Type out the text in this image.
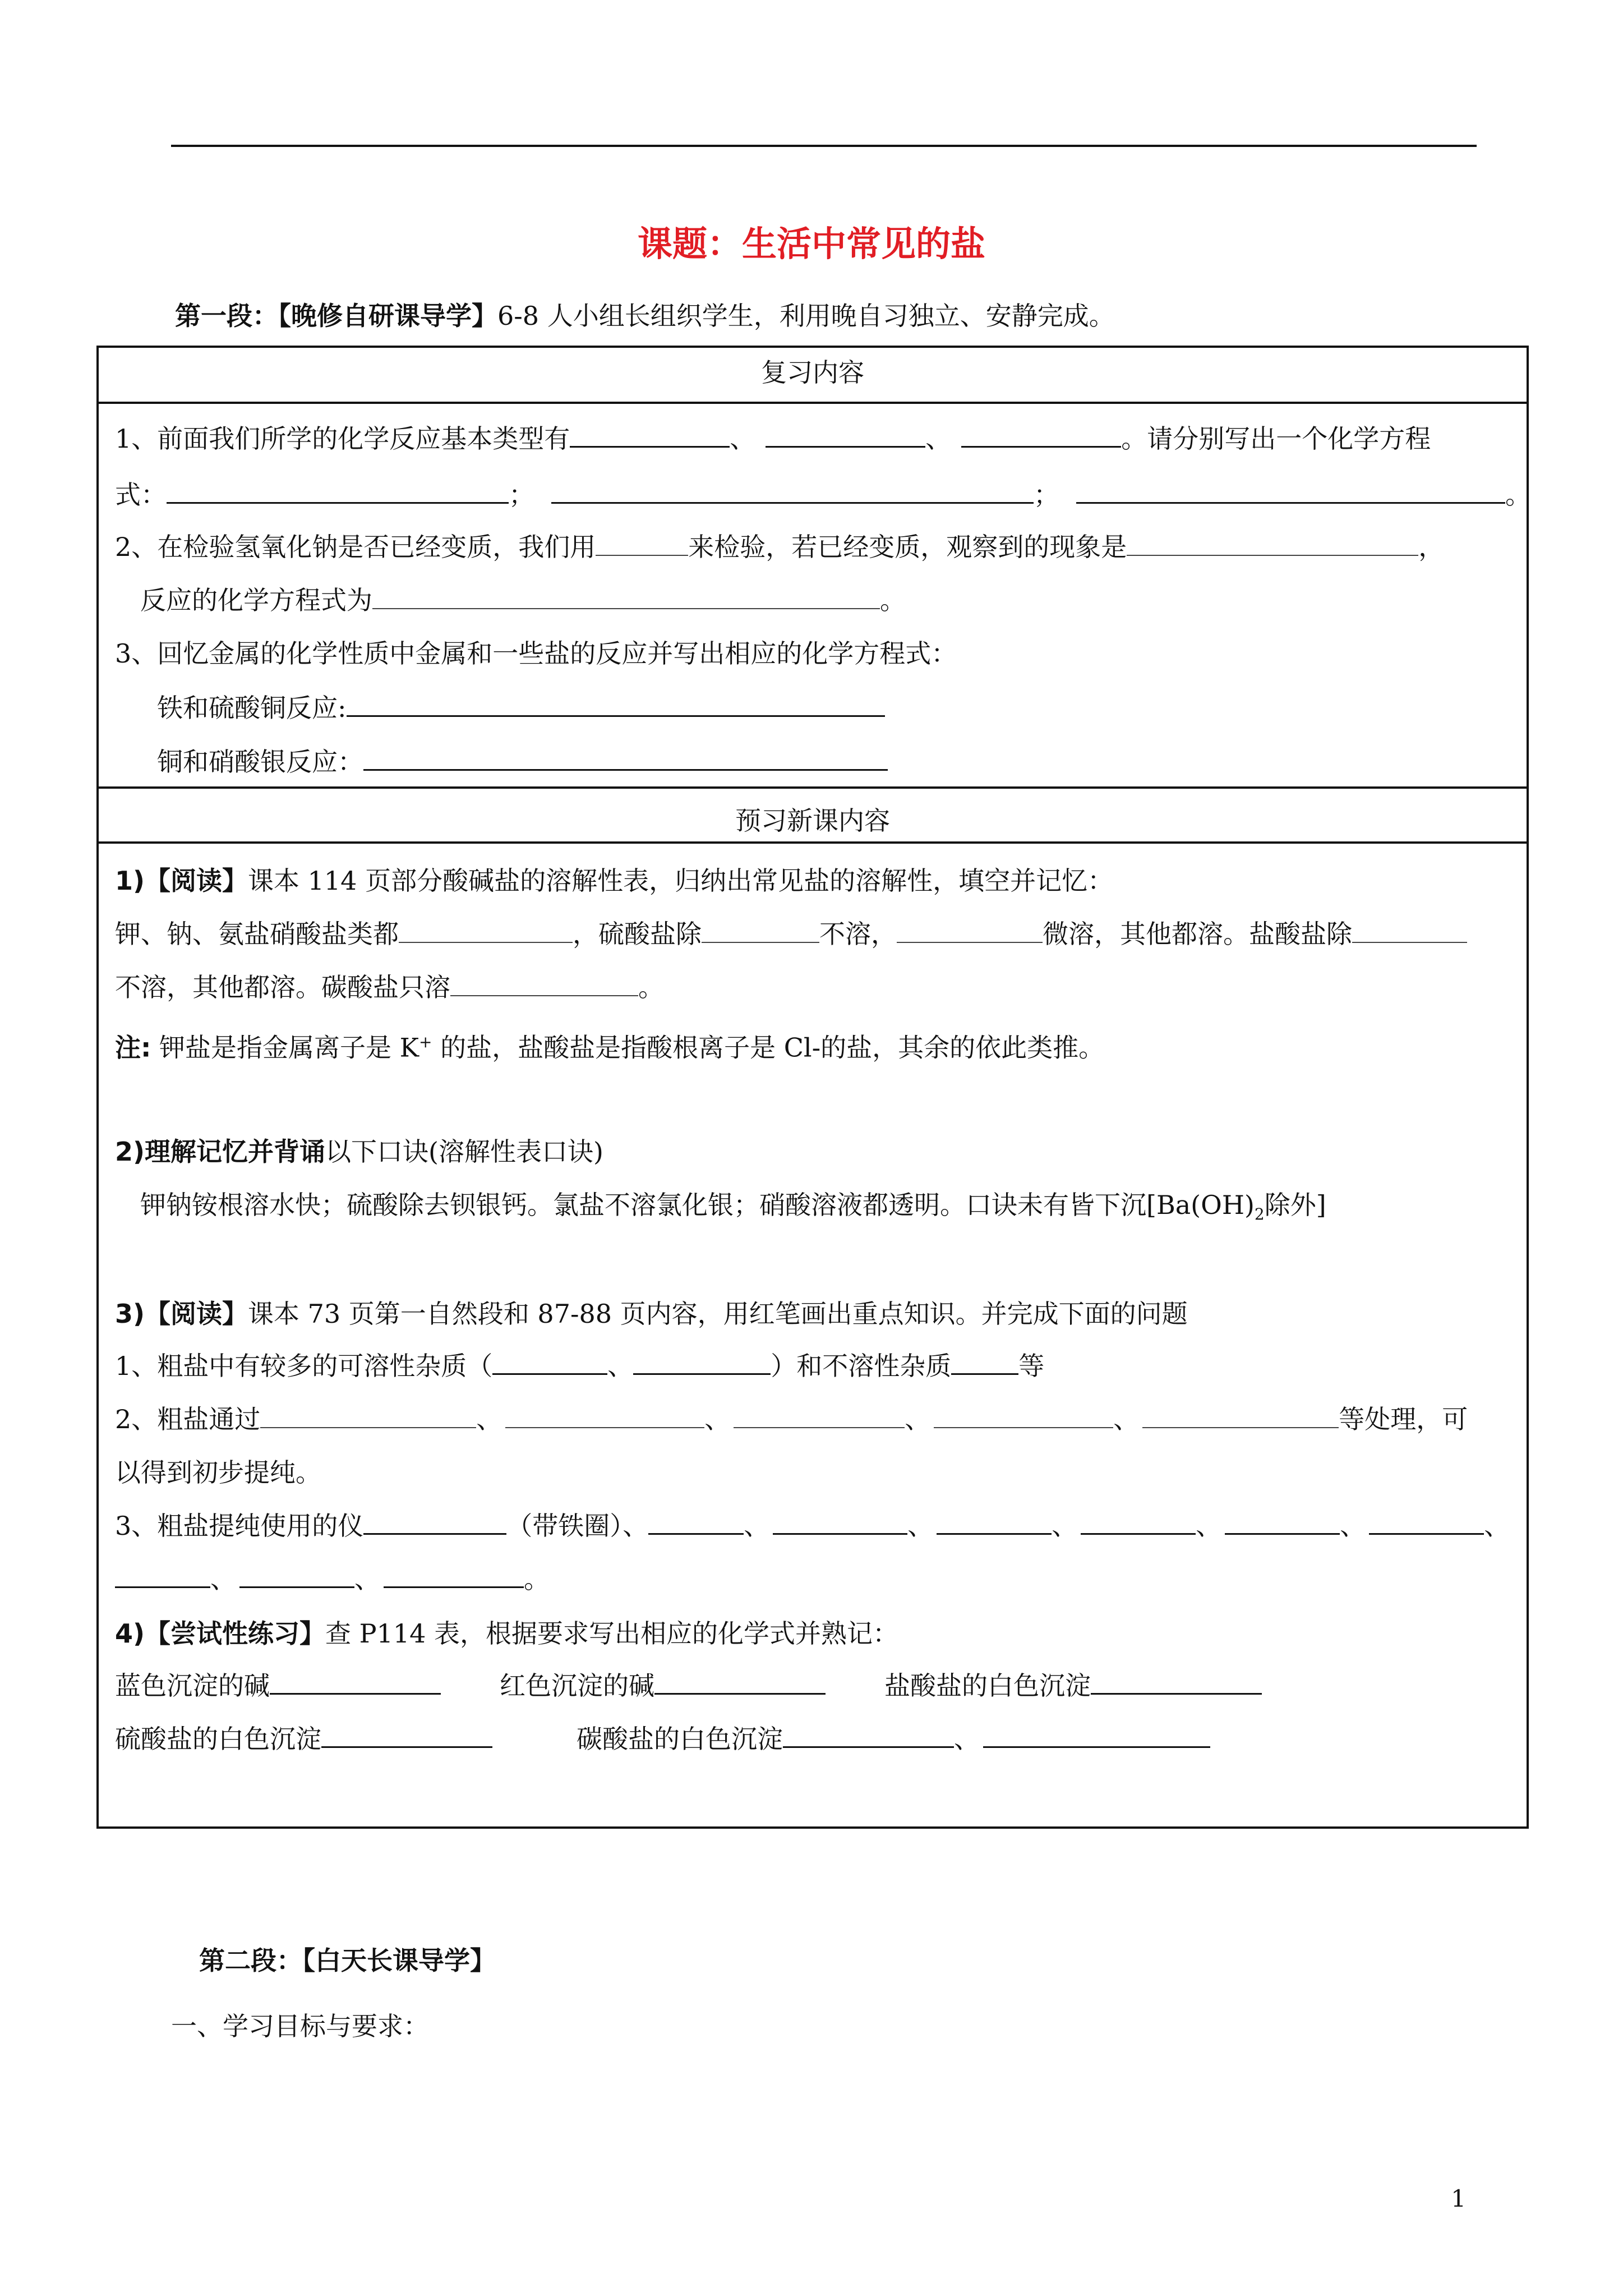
课题：生活中常见的盐
第一段：【晚修自研课导学】6-8 人小组长组织学生，利用晚自习独立、安静完成。
复习内容
1、前面我们所学的化学反应基本类型有	、	、	。请分别写出一个化学方程
式：	；	；	。
2、在检验氢氧化钠是否已经变质，我们用	来检验，若已经变质，观察到的现象是	，
反应的化学方程式为	。
3、回忆金属的化学性质中金属和一些盐的反应并写出相应的化学方程式：
铁和硫酸铜反应:
铜和硝酸银反应：
预习新课内容
1)【阅读】课本 114 页部分酸碱盐的溶解性表，归纳出常见盐的溶解性，填空并记忆：
钾、钠、氨盐硝酸盐类都	，硫酸盐除	不溶，	微溶，其他都溶。盐酸盐除
不溶，其他都溶。碳酸盐只溶	。
注: 钾盐是指金属离子是 K+ 的盐，盐酸盐是指酸根离子是 Cl-的盐，其余的依此类推。
2)理解记忆并背诵以下口诀(溶解性表口诀)
钾钠铵根溶水快；硫酸除去钡银钙。氯盐不溶氯化银；硝酸溶液都透明。口诀未有皆下沉[$Ba(OH)_2$除外]
3)【阅读】课本 73 页第一自然段和 87-88 页内容，用红笔画出重点知识。并完成下面的问题
1、粗盐中有较多的可溶性杂质（	、	）和不溶性杂质	等
2、粗盐通过	、	、	、	、	等处理，可
以得到初步提纯。
3、粗盐提纯使用的仪	（带铁圈）、	、	、	、	、	、	、
、	、	。
4)【尝试性练习】查 P114 表，根据要求写出相应的化学式并熟记：
蓝色沉淀的碱	红色沉淀的碱	盐酸盐的白色沉淀
硫酸盐的白色沉淀	碳酸盐的白色沉淀	、
第二段：【白天长课导学】
一、学习目标与要求：
1
